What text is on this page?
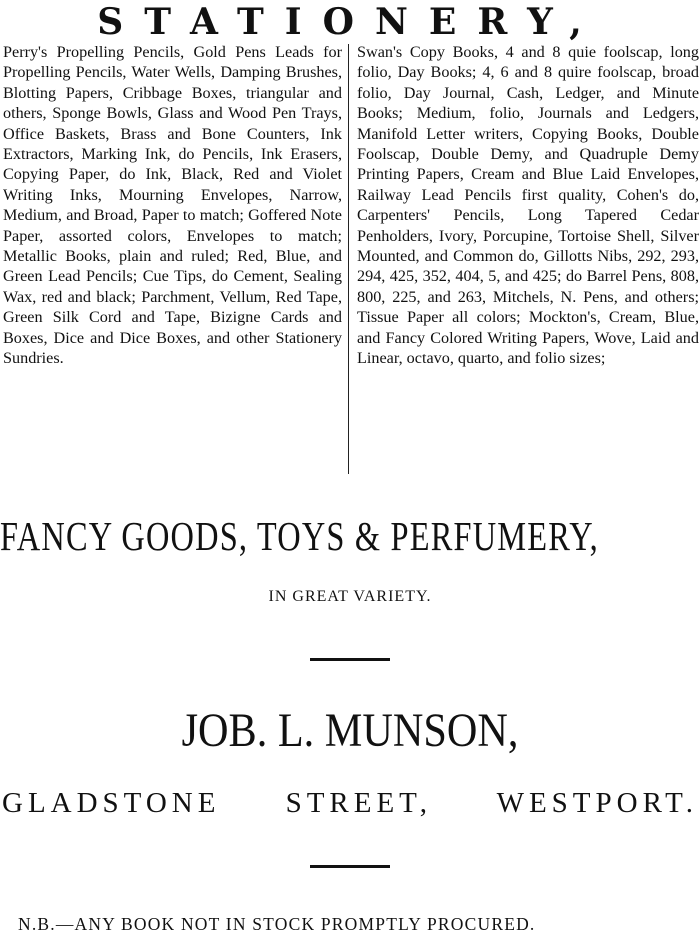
STATIONERY,
Perry's Propelling Pencils, Gold Pens Leads for Propelling Pencils, Water Wells, Damping Brushes, Blotting Papers, Cribbage Boxes, triangular and others, Sponge Bowls, Glass and Wood Pen Trays, Office Baskets, Brass and Bone Counters, Ink Extractors, Marking Ink, do Pencils, Ink Erasers, Copying Paper, do Ink, Black, Red and Violet Writing Inks, Mourning Envelopes, Narrow, Medium, and Broad, Paper to match; Goffered Note Paper, assorted colors, Envelopes to match; Metallic Books, plain and ruled; Red, Blue, and Green Lead Pencils; Cue Tips, do Cement, Sealing Wax, red and black; Parchment, Vellum, Red Tape, Green Silk Cord and Tape, Bizigne Cards and Boxes, Dice and Dice Boxes, and other Stationery Sundries.
Swan's Copy Books, 4 and 8 quie foolscap, long folio, Day Books; 4, 6 and 8 quire foolscap, broad folio, Day Journal, Cash, Ledger, and Minute Books; Medium, folio, Journals and Ledgers, Manifold Letter writers, Copying Books, Double Foolscap, Double Demy, and Quadruple Demy Printing Papers, Cream and Blue Laid Envelopes, Railway Lead Pencils first quality, Cohen's do, Carpenters' Pencils, Long Tapered Cedar Penholders, Ivory, Porcupine, Tortoise Shell, Silver Mounted, and Common do, Gillotts Nibs, 292, 293, 294, 425, 352, 404, 5, and 425; do Barrel Pens, 808, 800, 225, and 263, Mitchels, N. Pens, and others; Tissue Paper all colors; Mockton's, Cream, Blue, and Fancy Colored Writing Papers, Wove, Laid and Linear, octavo, quarto, and folio sizes;
FANCY GOODS, TOYS & PERFUMERY,
IN GREAT VARIETY.
JOB. L. MUNSON,
GLADSTONE STREET, WESTPORT.
N.B.—ANY BOOK NOT IN STOCK PROMPTLY PROCURED.
